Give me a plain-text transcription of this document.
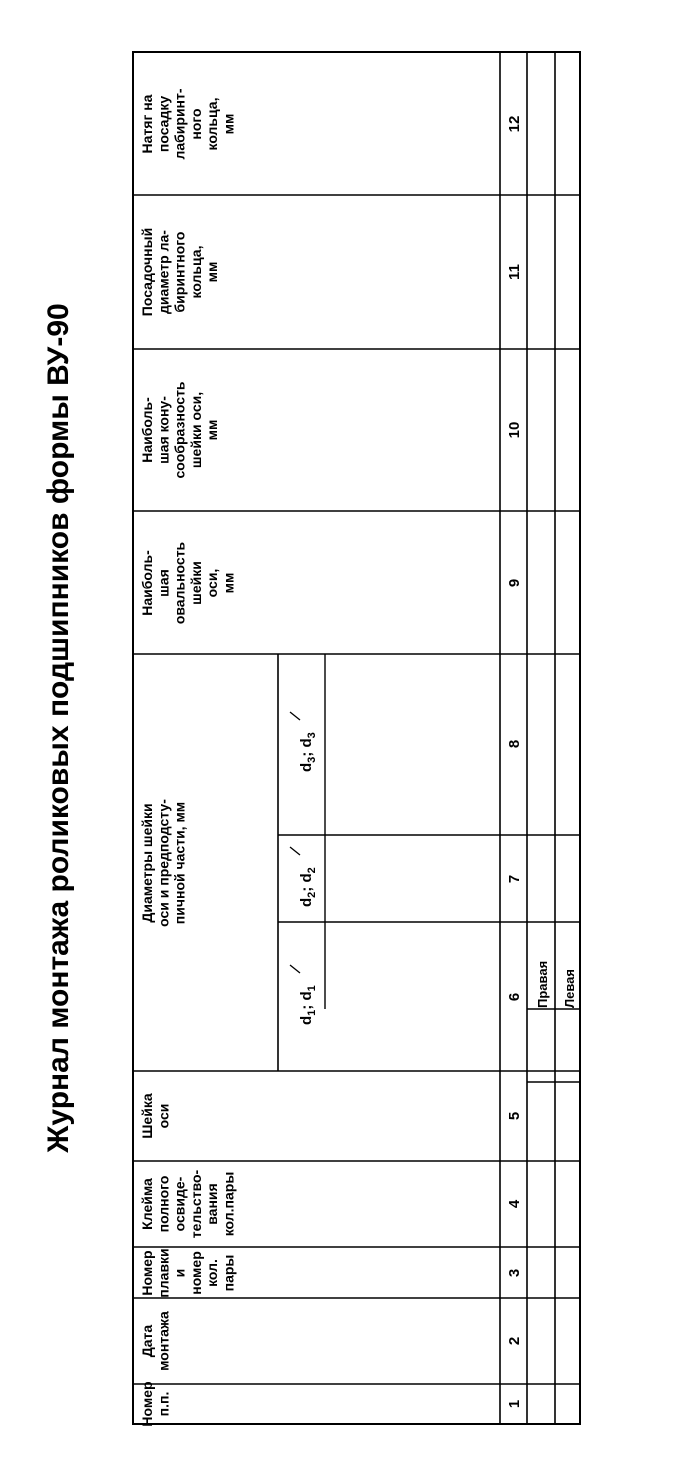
Журнал монтажа роликовых подшипников формы ВУ-90
Номер п.п.
Дата монтажа
Номер плавки и номер кол. пары
Клейма полного освиде- тельство- вания кол.пары
Шейка оси
Диаметры шейки оси и предподсту- пичной части, мм
Наиболь- шая овальность шейки оси, мм
Наиболь- шая кону- сообразность шейки оси, мм
Посадочный диаметр ла- биринтного кольца, мм
Натяг на посадку лабиринт- ного кольца, мм
$d_1$; $d_1$
6
$d_2$; $d_2$
7
$d_3$; $d_3$
8
1
2
3
4
5
9
10
11
12
Правая Левая
